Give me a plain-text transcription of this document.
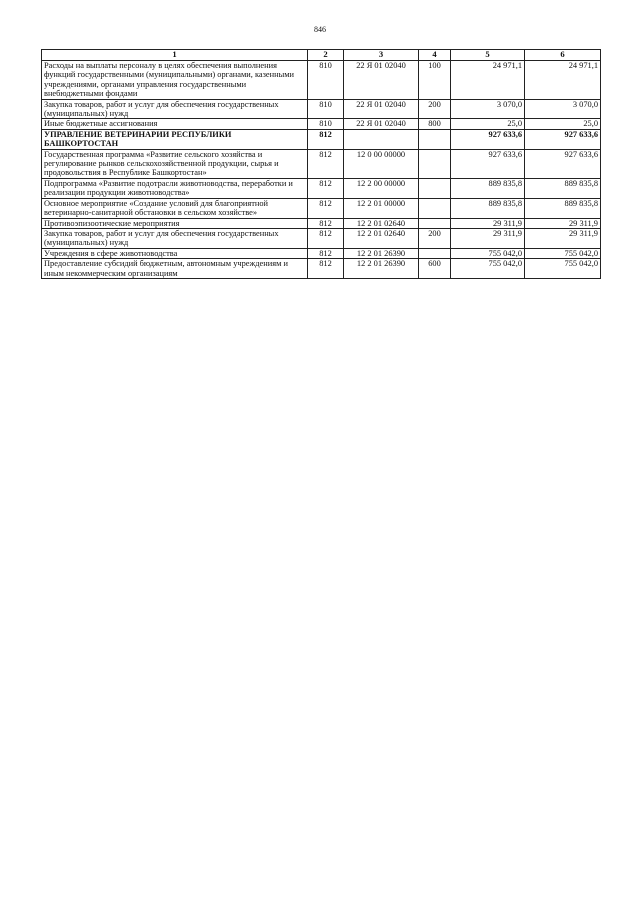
846
1	2	3	4	5	6
Расходы на выплаты персоналу в целях обеспечения выполнения функций государственными (муниципальными) органами, казенными учреждениями, органами управления государственными внебюджетными фондами	810	22 Я 01 02040	100	24 971,1	24 971,1
Закупка товаров, работ и услуг для обеспечения государственных (муниципальных) нужд	810	22 Я 01 02040	200	3 070,0	3 070,0
Иные бюджетные ассигнования	810	22 Я 01 02040	800	25,0	25,0
УПРАВЛЕНИЕ ВЕТЕРИНАРИИ РЕСПУБЛИКИ БАШКОРТОСТАН	812			927 633,6	927 633,6
Государственная программа «Развитие сельского хозяйства и регулирование рынков сельскохозяйственной продукции, сырья и продовольствия в Республике Башкортостан»	812	12 0 00 00000		927 633,6	927 633,6
Подпрограмма «Развитие подотрасли животноводства, переработки и реализации продукции животноводства»	812	12 2 00 00000		889 835,8	889 835,8
Основное мероприятие «Создание условий для благоприятной ветеринарно-санитарной обстановки в сельском хозяйстве»	812	12 2 01 00000		889 835,8	889 835,8
Противоэпизоотические мероприятия	812	12 2 01 02640		29 311,9	29 311,9
Закупка товаров, работ и услуг для обеспечения государственных (муниципальных) нужд	812	12 2 01 02640	200	29 311,9	29 311,9
Учреждения в сфере животноводства	812	12 2 01 26390		755 042,0	755 042,0
Предоставление субсидий бюджетным, автономным учреждениям и иным некоммерческим организациям	812	12 2 01 26390	600	755 042,0	755 042,0
